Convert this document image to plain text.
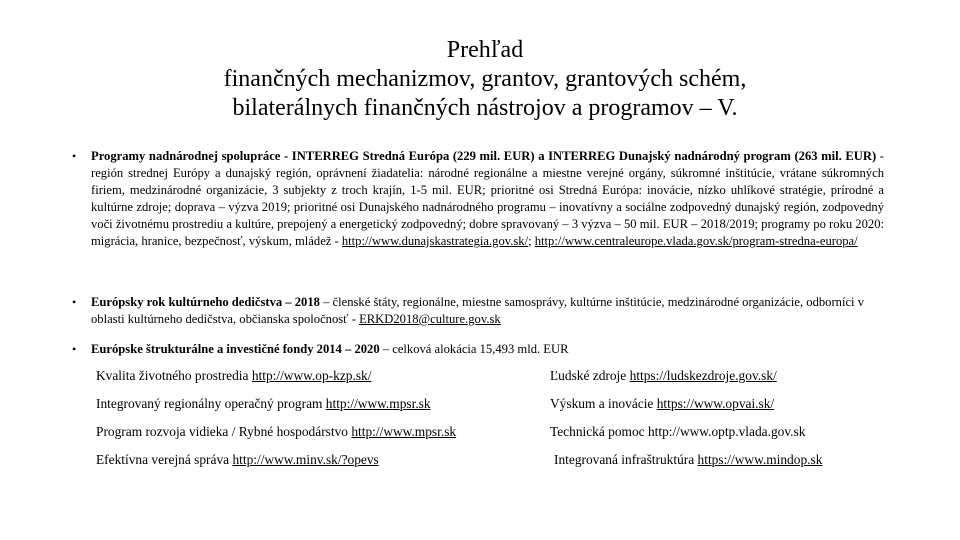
Prehľad
finančných mechanizmov, grantov, grantových schém,
bilaterálnych finančných nástrojov a programov – V.
• Programy nadnárodnej spolupráce - INTERREG Stredná Európa (229 mil. EUR) a INTERREG Dunajský nadnárodný program (263 mil. EUR) - región strednej Európy a dunajský región, oprávnení žiadatelia: národné regionálne a miestne verejné orgány, súkromné inštitúcie, vrátane súkromných firiem, medzinárodné organizácie, 3 subjekty z troch krajín, 1-5 mil. EUR; prioritné osi Stredná Európa: inovácie, nízko uhlíkové stratégie, prírodné a kultúrne zdroje; doprava – výzva 2019; prioritné osi Dunajského nadnárodného programu – inovatívny a sociálne zodpovedný dunajský región, zodpovedný voči životnému prostrediu a kultúre, prepojený a energetický zodpovedný; dobre spravovaný – 3 výzva – 50 mil. EUR – 2018/2019; programy po roku 2020: migrácia, hranice, bezpečnosť, výskum, mládež - http://www.dunajskastrategia.gov.sk/; http://www.centraleurope.vlada.gov.sk/program-stredna-europa/
• Európsky rok kultúrneho dedičstva – 2018 – členské štáty, regionálne, miestne samosprávy, kultúrne inštitúcie, medzinárodné organizácie, odborníci v oblasti kultúrneho dedičstva, občianska spoločnosť - ERKD2018@culture.gov.sk
• Európske štrukturálne a investičné fondy 2014 – 2020 – celková alokácia 15,493 mld. EUR
Kvalita životného prostredia http://www.op-kzp.sk/	Ľudské zdroje https://ludskezdroje.gov.sk/
Integrovaný regionálny operačný program http://www.mpsr.sk	Výskum a inovácie https://www.opvai.sk/
Program rozvoja vidieka / Rybné hospodárstvo http://www.mpsr.sk	Technická pomoc http://www.optp.vlada.gov.sk
Efektívna verejná správa http://www.minv.sk/?opevs	Integrovaná infraštruktúra https://www.mindop.sk
